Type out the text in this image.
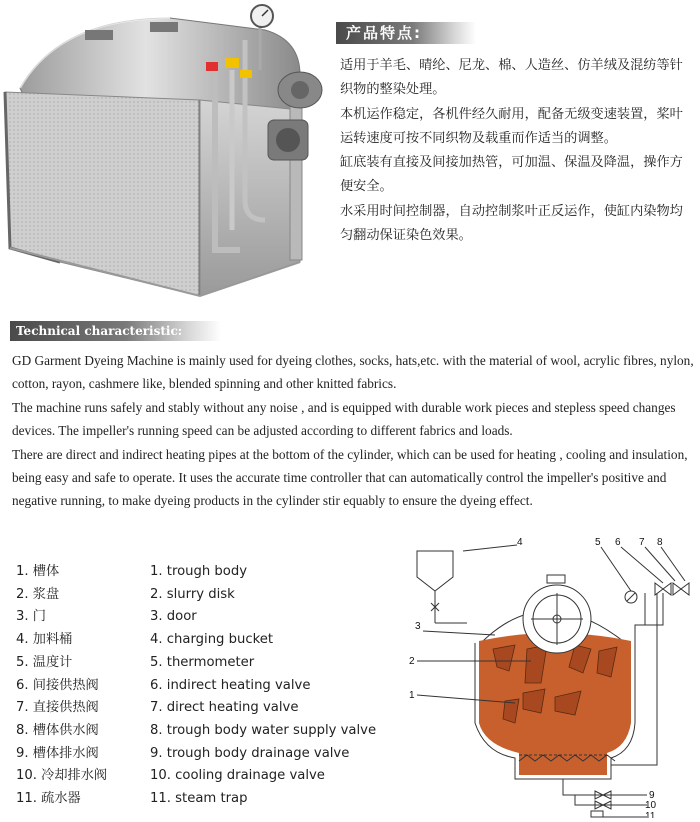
产品特点:

适用于羊毛、晴纶、尼龙、棉、人造丝、仿羊绒及混纺等针织物的整染处理。

本机运作稳定，各机件经久耐用，配备无级变速装置，桨叶运转速度可按不同织物及载重而作适当的调整。

缸底装有直接及间接加热管，可加温、保温及降温，操作方便安全。

水采用时间控制器，自动控制浆叶正反运作，使缸内染物均匀翻动保证染色效果。

Technical characteristic:
GD Garment Dyeing Machine is mainly used for dyeing clothes, socks, hats,etc. with the material of wool, acrylic fibres, nylon,
cotton, rayon, cashmere like, blended spinning and other knitted fabrics.
The machine runs safely and stably without any noise , and is equipped with durable work pieces and stepless speed changes
devices. The impeller's running speed can be adjusted according to different fabrics and loads.
There are direct and indirect heating pipes at the bottom of the cylinder, which can be used for heating , cooling and insulation,
being easy and safe to operate. It uses the accurate time controller that can automatically control the impeller's positive and
negative running, to make dyeing products in the cylinder stir equably to ensure the dyeing effect.
1. 槽体
2. 浆盘
3. 门
4. 加料桶
5. 温度计
6. 间接供热阀
7. 直接供热阀
8. 槽体供水阀
9. 槽体排水阀
10. 冷却排水阀
11. 疏水器
1. trough body
2. slurry disk
3. door
4. charging bucket
5. thermometer
6. indirect heating valve
7. direct heating valve
8. trough body water supply valve
9. trough body drainage valve
10. cooling drainage valve
11. steam trap
4	5 6 7 8
3
2
1
9
10
11
